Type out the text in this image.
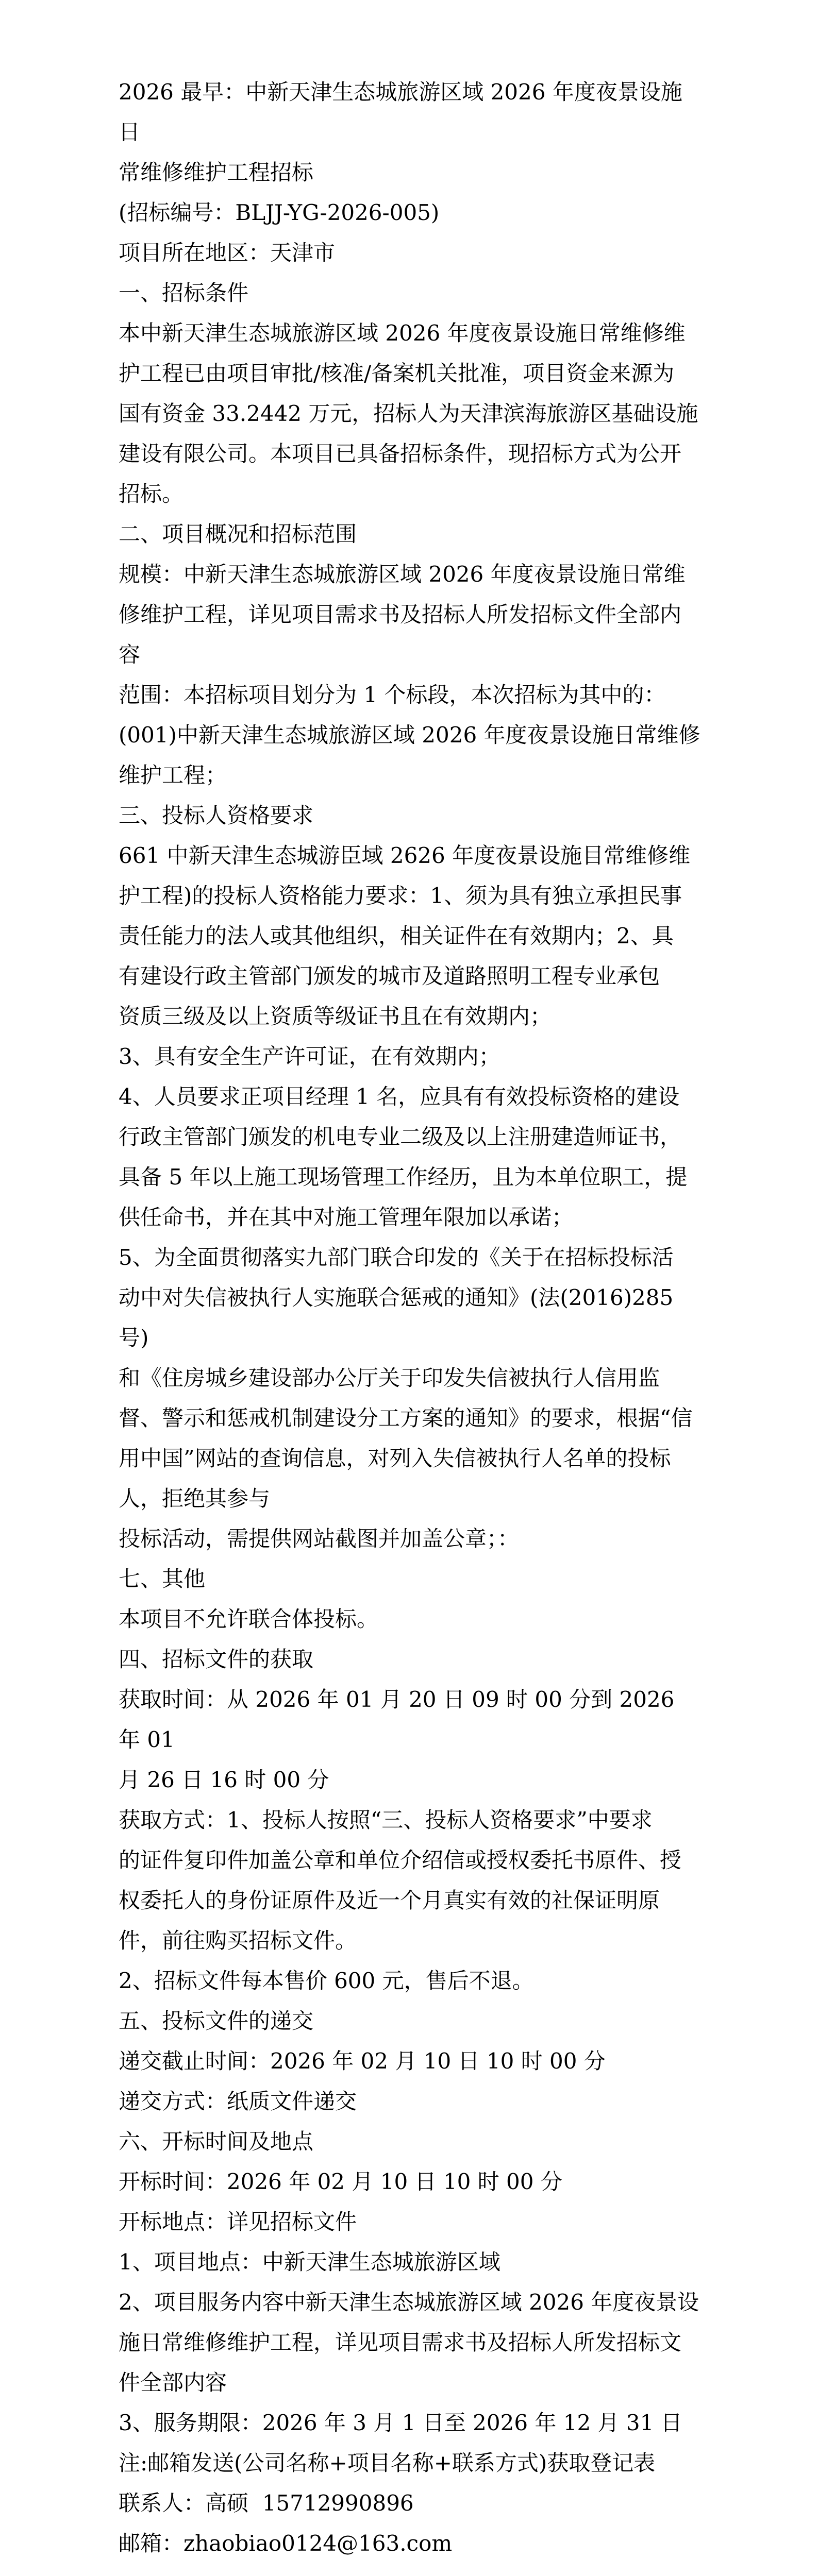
2026 最早：中新天津生态城旅游区域 2026 年度夜景设施日

常维修维护工程招标

(招标编号：BLJJ-YG-2026-005)

项目所在地区：天津市

一、招标条件

本中新天津生态城旅游区域 2026 年度夜景设施日常维修维

护工程已由项目审批/核准/备案机关批准，项目资金来源为

国有资金 33.2442 万元，招标人为天津滨海旅游区基础设施

建设有限公司。本项目已具备招标条件，现招标方式为公开

招标。

二、项目概况和招标范围

规模：中新天津生态城旅游区域 2026 年度夜景设施日常维

修维护工程，详见项目需求书及招标人所发招标文件全部内

容

范围：本招标项目划分为 1 个标段，本次招标为其中的：

(001)中新天津生态城旅游区域 2026 年度夜景设施日常维修

维护工程；

三、投标人资格要求

661 中新天津生态城游臣域 2626 年度夜景设施目常维修维

护工程)的投标人资格能力要求：1、须为具有独立承担民事

责任能力的法人或其他组织，相关证件在有效期内；2、具

有建设行政主管部门颁发的城市及道路照明工程专业承包

资质三级及以上资质等级证书且在有效期内；

3、具有安全生产许可证，在有效期内；

4、人员要求正项目经理 1 名，应具有有效投标资格的建设

行政主管部门颁发的机电专业二级及以上注册建造师证书，

具备 5 年以上施工现场管理工作经历，且为本单位职工，提

供任命书，并在其中对施工管理年限加以承诺；

5、为全面贯彻落实九部门联合印发的《关于在招标投标活

动中对失信被执行人实施联合惩戒的通知》(法(2016)285 号)

和《住房城乡建设部办公厅关于印发失信被执行人信用监

督、警示和惩戒机制建设分工方案的通知》的要求，根据“信

用中国”网站的查询信息，对列入失信被执行人名单的投标

人，拒绝其参与

投标活动，需提供网站截图并加盖公章；：

七、其他

本项目不允许联合体投标。

四、招标文件的获取

获取时间：从 2026 年 01 月 20 日 09 时 00 分到 2026 年 01

月 26 日 16 时 00 分

获取方式：1、投标人按照“三、投标人资格要求”中要求

的证件复印件加盖公章和单位介绍信或授权委托书原件、授

权委托人的身份证原件及近一个月真实有效的社保证明原

件，前往购买招标文件。

2、招标文件每本售价 600 元，售后不退。

五、投标文件的递交

递交截止时间：2026 年 02 月 10 日 10 时 00 分

递交方式：纸质文件递交

六、开标时间及地点

开标时间：2026 年 02 月 10 日 10 时 00 分

开标地点：详见招标文件

1、项目地点：中新天津生态城旅游区域

2、项目服务内容中新天津生态城旅游区域 2026 年度夜景设

施日常维修维护工程，详见项目需求书及招标人所发招标文

件全部内容

3、服务期限：2026 年 3 月 1 日至 2026 年 12 月 31 日

注:邮箱发送(公司名称+项目名称+联系方式)获取登记表

联系人：高硕  15712990896

邮箱：zhaobiao0124@163.com
